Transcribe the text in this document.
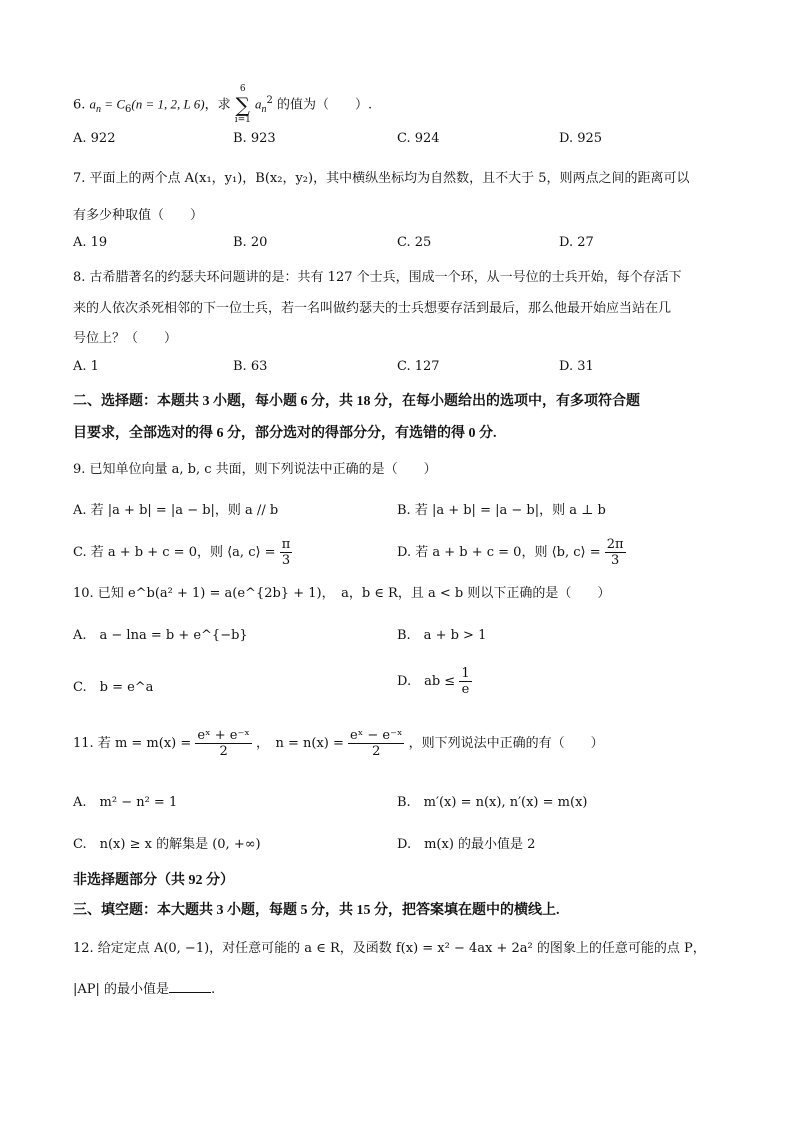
6. $a_n = C_6(n = 1$, 2, L 6)，求
6
∑
i=1
$a_n^2$ 的值为（　　）.
A. 922	B. 923	C. 924	D. 925
7. 平面上的两个点 A(x₁，y₁)，B(x₂，y₂)，其中横纵坐标均为自然数，且不大于 5，则两点之间的距离可以
有多少种取值（　　）
A. 19	B. 20	C. 25	D. 27
8. 古希腊著名的约瑟夫环问题讲的是：共有 127 个士兵，围成一个环，从一号位的士兵开始，每个存活下
来的人依次杀死相邻的下一位士兵，若一名叫做约瑟夫的士兵想要存活到最后，那么他最开始应当站在几
号位上？（　　）
A. 1	B. 63	C. 127	D. 31
二、选择题：本题共 3 小题，每小题 6 分，共 18 分，在每小题给出的选项中，有多项符合题
目要求，全部选对的得 6 分，部分选对的得部分分，有选错的得 0 分.
9. 已知单位向量 a, b, c 共面，则下列说法中正确的是（　　）
A. 若 |a + b| = |a − b|，则 a // b	B. 若 |a + b| = |a − b|，则 a ⊥ b
C. 若 a + b + c = 0，则 ⟨a, c⟩ = $\frac{\pi}{3}$	D. 若 a + b + c = 0，则 ⟨b, c⟩ = $\frac{2\pi}{3}$
10. 已知 e^b(a² + 1) = a(e^{2b} + 1)，　a，b ∈ R，且 a < b 则以下正确的是（　　）
A.　a − lna = b + e^{−b}	B.　a + b > 1
C.　b = e^a	D.　ab ≤ $\frac{1}{e}$
11. 若 $m = m(x) = \frac{\text{eˣ + e⁻ˣ}}{2}$ ，　$n = n(x) = \frac{\text{eˣ − e⁻ˣ}}{2}$ ，则下列说法中正确的有（　　）
A.　m² − n² = 1	B.　m′(x) = n(x), n′(x) = m(x)
C.　n(x) ≥ x 的解集是 (0, +∞)	D.　m(x) 的最小值是 2
非选择题部分（共 92 分）
三、填空题：本大题共 3 小题，每题 5 分，共 15 分，把答案填在题中的横线上.
12. 给定定点 A(0, −1)，对任意可能的 a ∈ R，及函数 f(x) = x² − 4ax + 2a² 的图象上的任意可能的点 P，
|AP| 的最小值是	.
